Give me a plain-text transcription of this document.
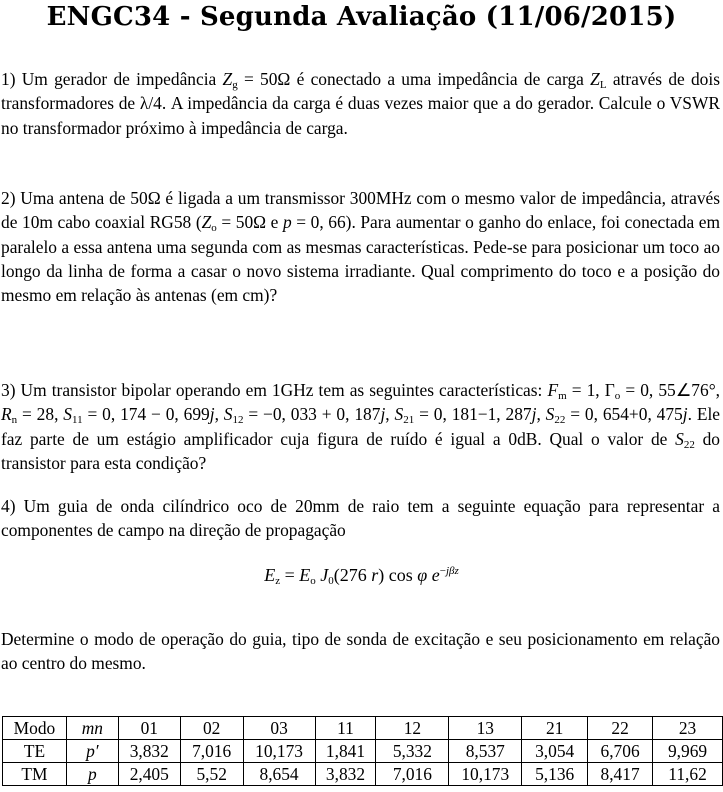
ENGC34 - Segunda Avaliação (11/06/2015)
1) Um gerador de impedância $Z_g = 50\Omega$ é conectado a uma impedância de carga $Z_L$ através de dois transformadores de λ/4. A impedância da carga é duas vezes maior que a do gerador. Calcule o VSWR no transformador próximo à impedância de carga.
2) Uma antena de 50Ω é ligada a um transmissor 300MHz com o mesmo valor de impedância, através de 10m cabo coaxial RG58 ($Z_o = 50\Omega$ e p = 0, 66). Para aumentar o ganho do enlace, foi conectada em paralelo a essa antena uma segunda com as mesmas características. Pede-se para posicionar um toco ao longo da linha de forma a casar o novo sistema irradiante. Qual comprimento do toco e a posição do mesmo em relação às antenas (em cm)?
3) Um transistor bipolar operando em 1GHz tem as seguintes características: $F_m = 1$, $\Gamma_o = 0$, 55∠76°, $R_n = 28$, $S_{11} = 0$, 174 − 0, 699j, $S_{12} = -0$, 033 + 0, 187j, $S_{21} = 0$, 181−1, 287j, $S_{22} = 0$, 654+0, 475j. Ele faz parte de um estágio amplificador cuja figura de ruído é igual a 0dB. Qual o valor de $S_{22}$ do transistor para esta condição?
4) Um guia de onda cilíndrico oco de 20mm de raio tem a seguinte equação para representar a componentes de campo na direção de propagação
$E_z = E_o$ $J_0(276$ r) cos φ $e^{-j\beta z}$
Determine o modo de operação do guia, tipo de sonda de excitação e seu posicionamento em relação ao centro do mesmo.
Modo	mn	01	02	03	11	12	13	21	22	23
TE	p′	3,832	7,016	10,173	1,841	5,332	8,537	3,054	6,706	9,969
TM	p	2,405	5,52	8,654	3,832	7,016	10,173	5,136	8,417	11,62
